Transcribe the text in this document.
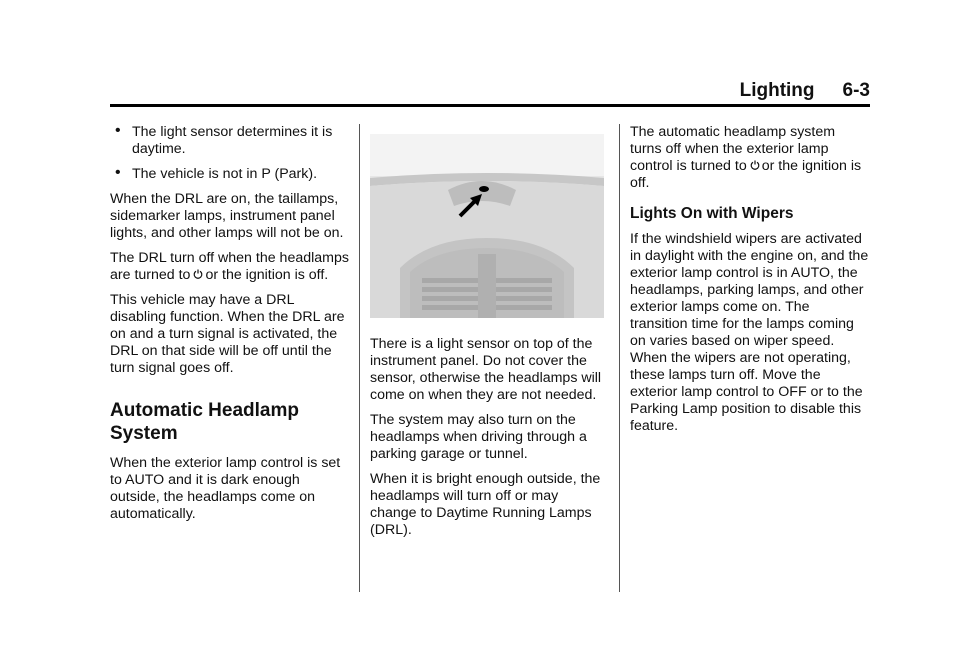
Lighting 6-3
• The light sensor determines it is daytime.
• The vehicle is not in P (Park).

When the DRL are on, the taillamps, sidemarker lamps, instrument panel lights, and other lamps will not be on.

The DRL turn off when the headlamps are turned to or the ignition is off.

This vehicle may have a DRL disabling function. When the DRL are on and a turn signal is activated, the DRL on that side will be off until the turn signal goes off.

Automatic Headlamp
System

When the exterior lamp control is set to AUTO and it is dark enough outside, the headlamps come on automatically.

There is a light sensor on top of the instrument panel. Do not cover the sensor, otherwise the headlamps will come on when they are not needed.

The system may also turn on the headlamps when driving through a parking garage or tunnel.

When it is bright enough outside, the headlamps will turn off or may change to Daytime Running Lamps (DRL).

The automatic headlamp system turns off when the exterior lamp control is turned to or the ignition is off.

Lights On with Wipers

If the windshield wipers are activated in daylight with the engine on, and the exterior lamp control is in AUTO, the headlamps, parking lamps, and other exterior lamps come on. The transition time for the lamps coming on varies based on wiper speed. When the wipers are not operating, these lamps turn off. Move the exterior lamp control to OFF or to the Parking Lamp position to disable this feature.
